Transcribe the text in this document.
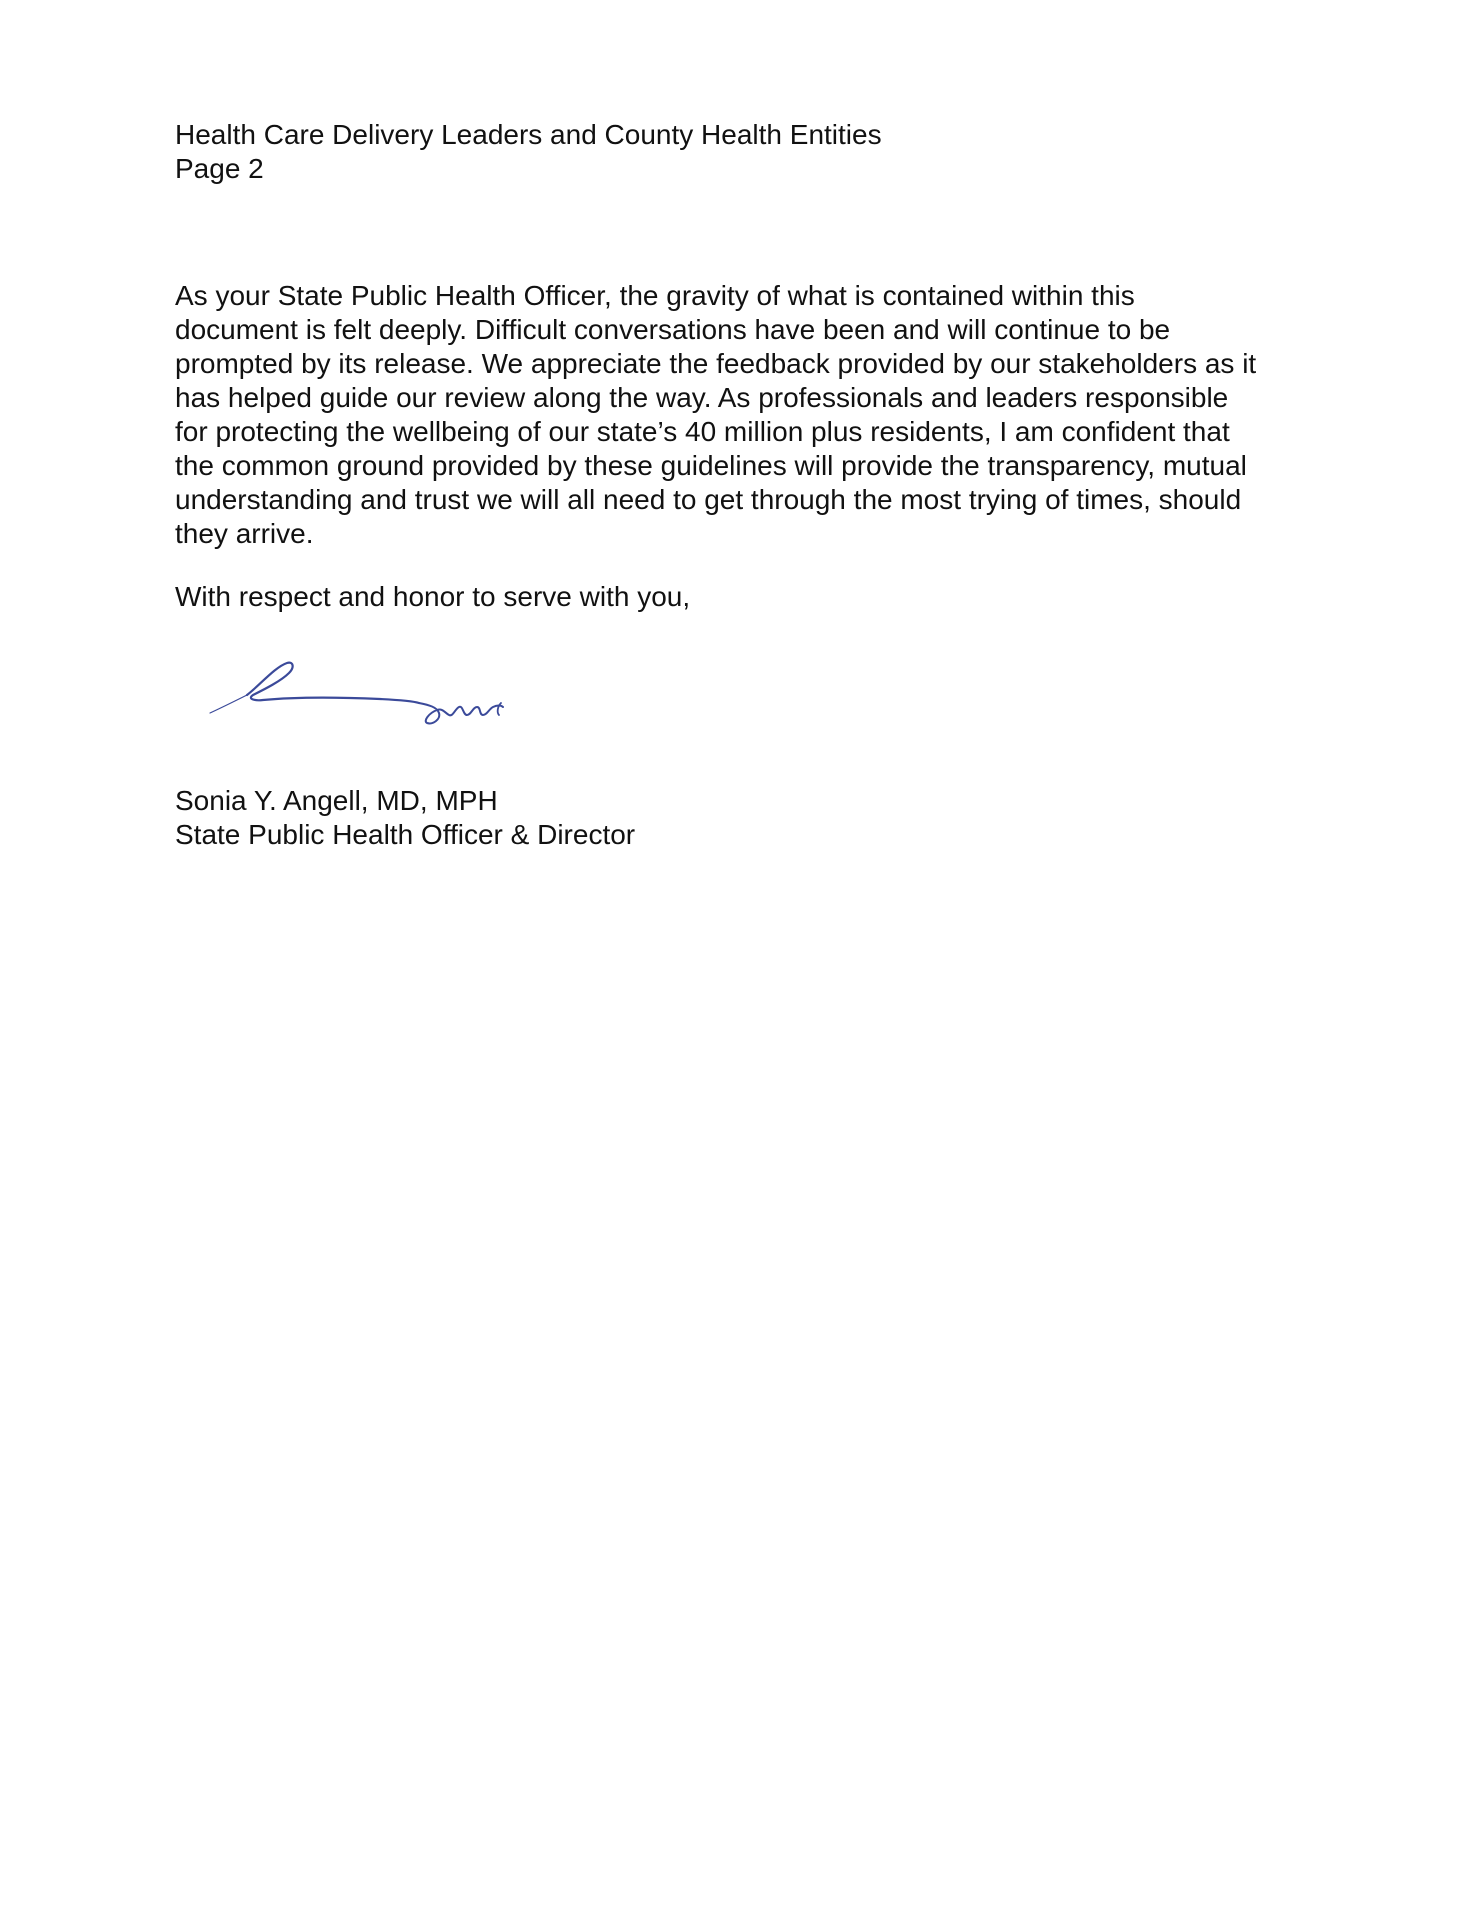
Health Care Delivery Leaders and County Health Entities
Page 2
As your State Public Health Officer, the gravity of what is contained within this
document is felt deeply. Difficult conversations have been and will continue to be
prompted by its release. We appreciate the feedback provided by our stakeholders as it
has helped guide our review along the way. As professionals and leaders responsible
for protecting the wellbeing of our state’s 40 million plus residents, I am confident that
the common ground provided by these guidelines will provide the transparency, mutual
understanding and trust we will all need to get through the most trying of times, should
they arrive.
With respect and honor to serve with you,
Sonia Y. Angell, MD, MPH
State Public Health Officer & Director
